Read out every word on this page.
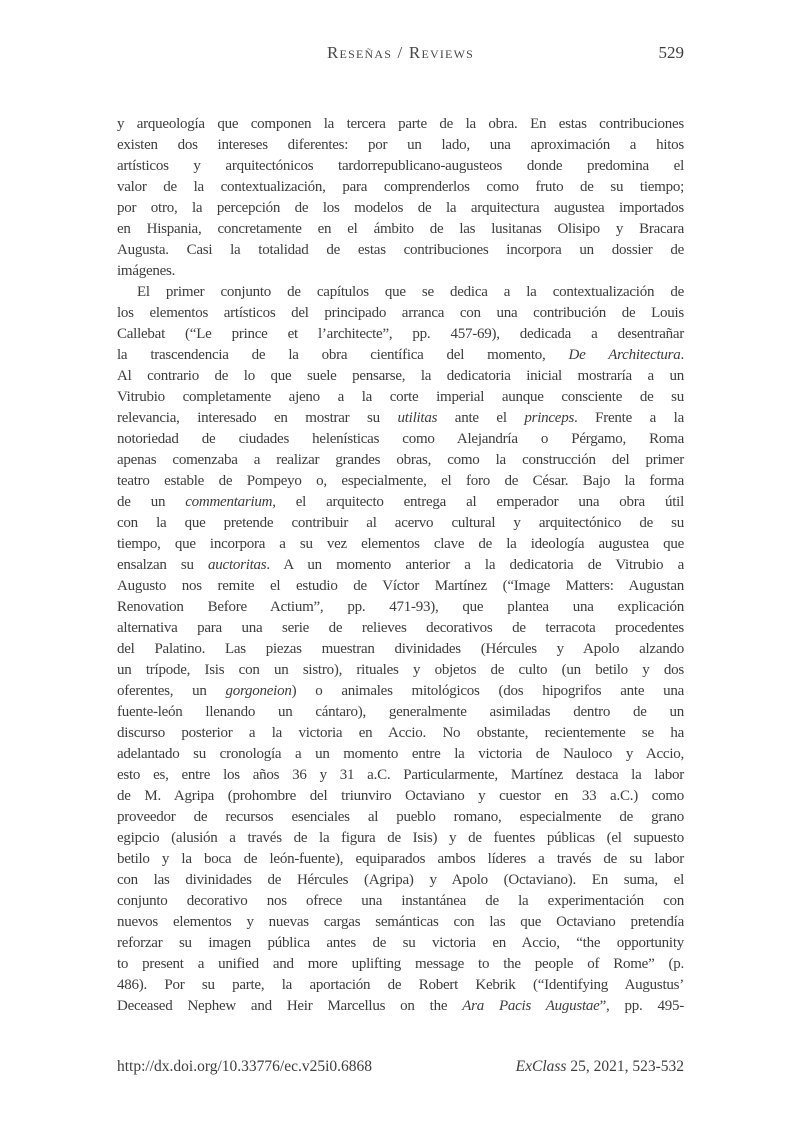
Reseñas / Reviews	529
y arqueología que componen la tercera parte de la obra. En estas contribuciones
existen dos intereses diferentes: por un lado, una aproximación a hitos
artísticos y arquitectónicos tardorrepublicano-augusteos donde predomina el
valor de la contextualización, para comprenderlos como fruto de su tiempo;
por otro, la percepción de los modelos de la arquitectura augustea importados
en Hispania, concretamente en el ámbito de las lusitanas Olisipo y Bracara
Augusta. Casi la totalidad de estas contribuciones incorpora un dossier de
imágenes.
El primer conjunto de capítulos que se dedica a la contextualización de
los elementos artísticos del principado arranca con una contribución de Louis
Callebat (“Le prince et l’architecte”, pp. 457-69), dedicada a desentrañar
la trascendencia de la obra científica del momento, De Architectura.
Al contrario de lo que suele pensarse, la dedicatoria inicial mostraría a un
Vitrubio completamente ajeno a la corte imperial aunque consciente de su
relevancia, interesado en mostrar su utilitas ante el princeps. Frente a la
notoriedad de ciudades helenísticas como Alejandría o Pérgamo, Roma
apenas comenzaba a realizar grandes obras, como la construcción del primer
teatro estable de Pompeyo o, especialmente, el foro de César. Bajo la forma
de un commentarium, el arquitecto entrega al emperador una obra útil
con la que pretende contribuir al acervo cultural y arquitectónico de su
tiempo, que incorpora a su vez elementos clave de la ideología augustea que
ensalzan su auctoritas. A un momento anterior a la dedicatoria de Vitrubio a
Augusto nos remite el estudio de Víctor Martínez (“Image Matters: Augustan
Renovation Before Actium”, pp. 471-93), que plantea una explicación
alternativa para una serie de relieves decorativos de terracota procedentes
del Palatino. Las piezas muestran divinidades (Hércules y Apolo alzando
un trípode, Isis con un sistro), rituales y objetos de culto (un betilo y dos
oferentes, un gorgoneion) o animales mitológicos (dos hipogrifos ante una
fuente-león llenando un cántaro), generalmente asimiladas dentro de un
discurso posterior a la victoria en Accio. No obstante, recientemente se ha
adelantado su cronología a un momento entre la victoria de Nauloco y Accio,
esto es, entre los años 36 y 31 a.C. Particularmente, Martínez destaca la labor
de M. Agripa (prohombre del triunviro Octaviano y cuestor en 33 a.C.) como
proveedor de recursos esenciales al pueblo romano, especialmente de grano
egipcio (alusión a través de la figura de Isis) y de fuentes públicas (el supuesto
betilo y la boca de león-fuente), equiparados ambos líderes a través de su labor
con las divinidades de Hércules (Agripa) y Apolo (Octaviano). En suma, el
conjunto decorativo nos ofrece una instantánea de la experimentación con
nuevos elementos y nuevas cargas semánticas con las que Octaviano pretendía
reforzar su imagen pública antes de su victoria en Accio, “the opportunity
to present a unified and more uplifting message to the people of Rome” (p.
486). Por su parte, la aportación de Robert Kebrik (“Identifying Augustus’
Deceased Nephew and Heir Marcellus on the Ara Pacis Augustae”, pp. 495-
http://dx.doi.org/10.33776/ec.v25i0.6868	ExClass 25, 2021, 523-532
